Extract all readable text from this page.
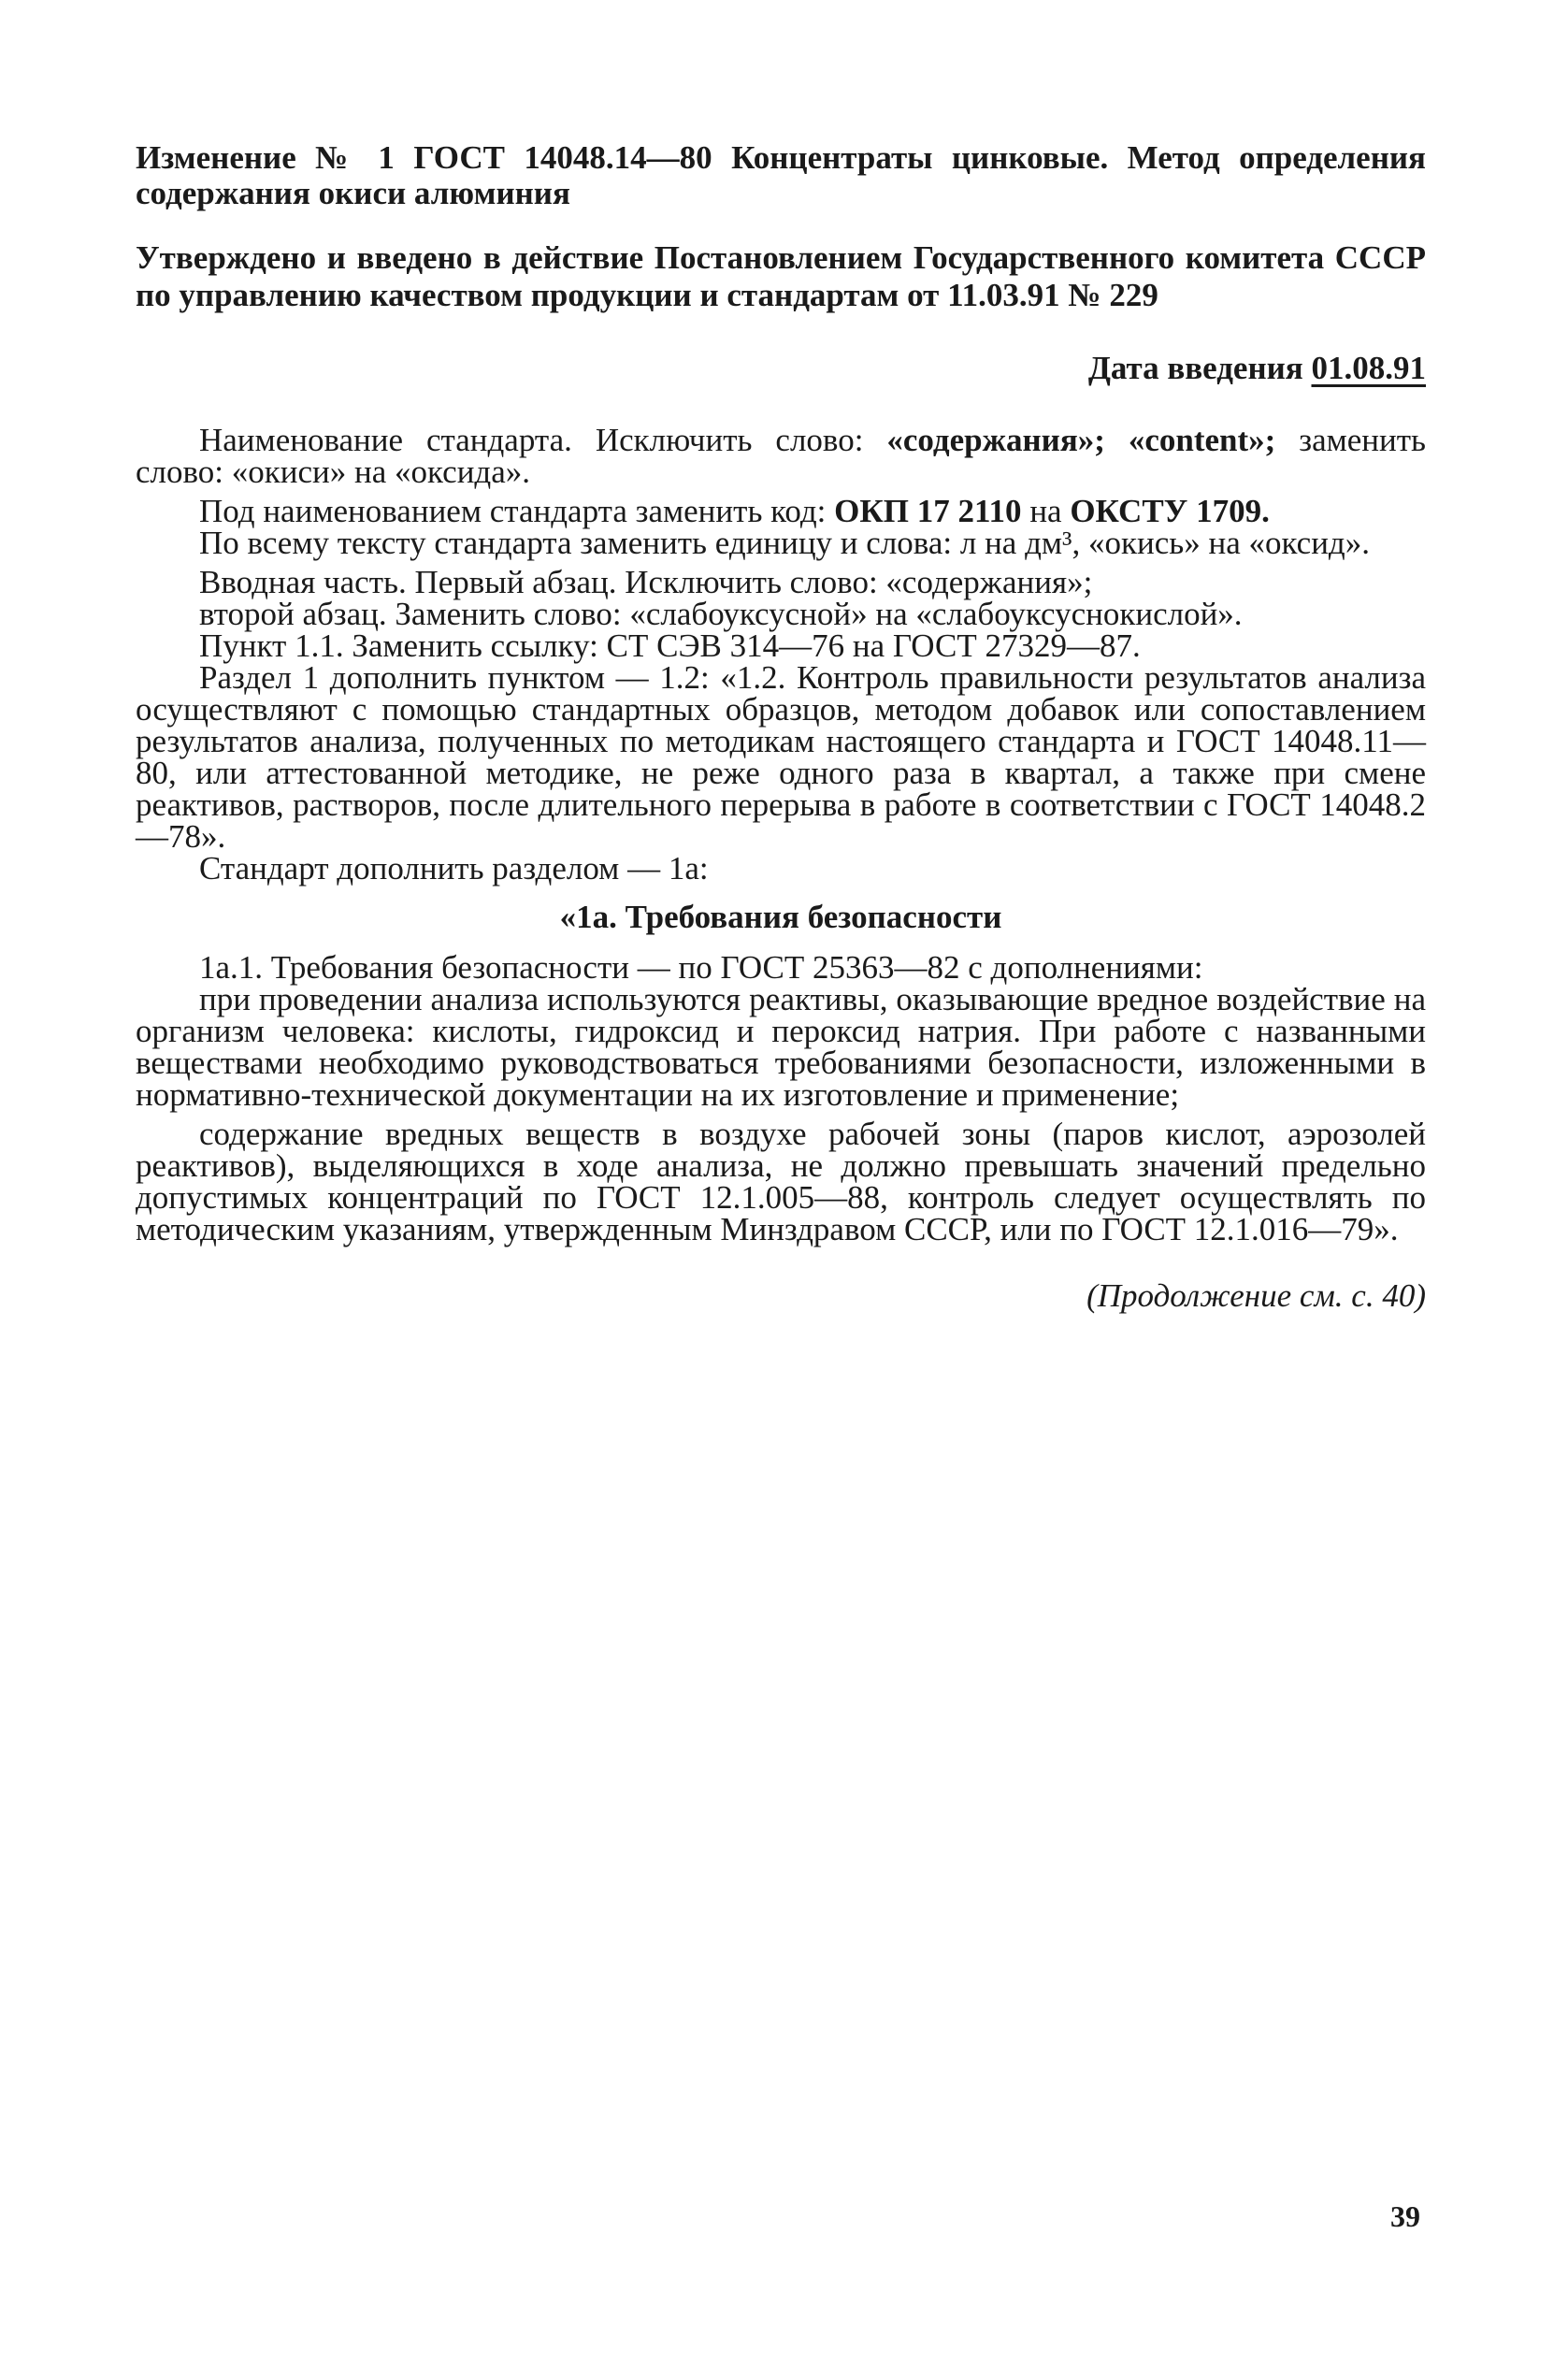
Изменение № 1 ГОСТ 14048.14—80 Концентраты цинковые. Метод определения содержания окиси алюминия

Утверждено и введено в действие Постановлением Государственного комитета СССР по управлению качеством продукции и стандартам от 11.03.91 № 229

Дата введения 01.08.91

Наименование стандарта. Исключить слово: «содержания»; «content»; заменить слово: «окиси» на «оксида».

Под наименованием стандарта заменить код: ОКП 17 2110 на ОКСТУ 1709.

По всему тексту стандарта заменить единицу и слова: л на дм³, «окись» на «оксид».

Вводная часть. Первый абзац. Исключить слово: «содержания»;

второй абзац. Заменить слово: «слабоуксусной» на «слабоуксуснокислой».

Пункт 1.1. Заменить ссылку: СТ СЭВ 314—76 на ГОСТ 27329—87.

Раздел 1 дополнить пунктом — 1.2: «1.2. Контроль правильности результатов анализа осуществляют с помощью стандартных образцов, методом добавок или сопоставлением результатов анализа, полученных по методикам настоящего стандарта и ГОСТ 14048.11—80, или аттестованной методике, не реже одного раза в квартал, а также при смене реактивов, растворов, после длительного перерыва в работе в соответствии с ГОСТ 14048.2—78».

Стандарт дополнить разделом — 1а:

«1а. Требования безопасности

1а.1. Требования безопасности — по ГОСТ 25363—82 с дополнениями:

при проведении анализа используются реактивы, оказывающие вредное воздействие на организм человека: кислоты, гидроксид и пероксид натрия. При работе с названными веществами необходимо руководствоваться требованиями безопасности, изложенными в нормативно-технической документации на их изготовление и применение;

содержание вредных веществ в воздухе рабочей зоны (паров кислот, аэрозолей реактивов), выделяющихся в ходе анализа, не должно превышать значений предельно допустимых концентраций по ГОСТ 12.1.005—88, контроль следует осуществлять по методическим указаниям, утвержденным Минздравом СССР, или по ГОСТ 12.1.016—79».

(Продолжение см. с. 40)

39
